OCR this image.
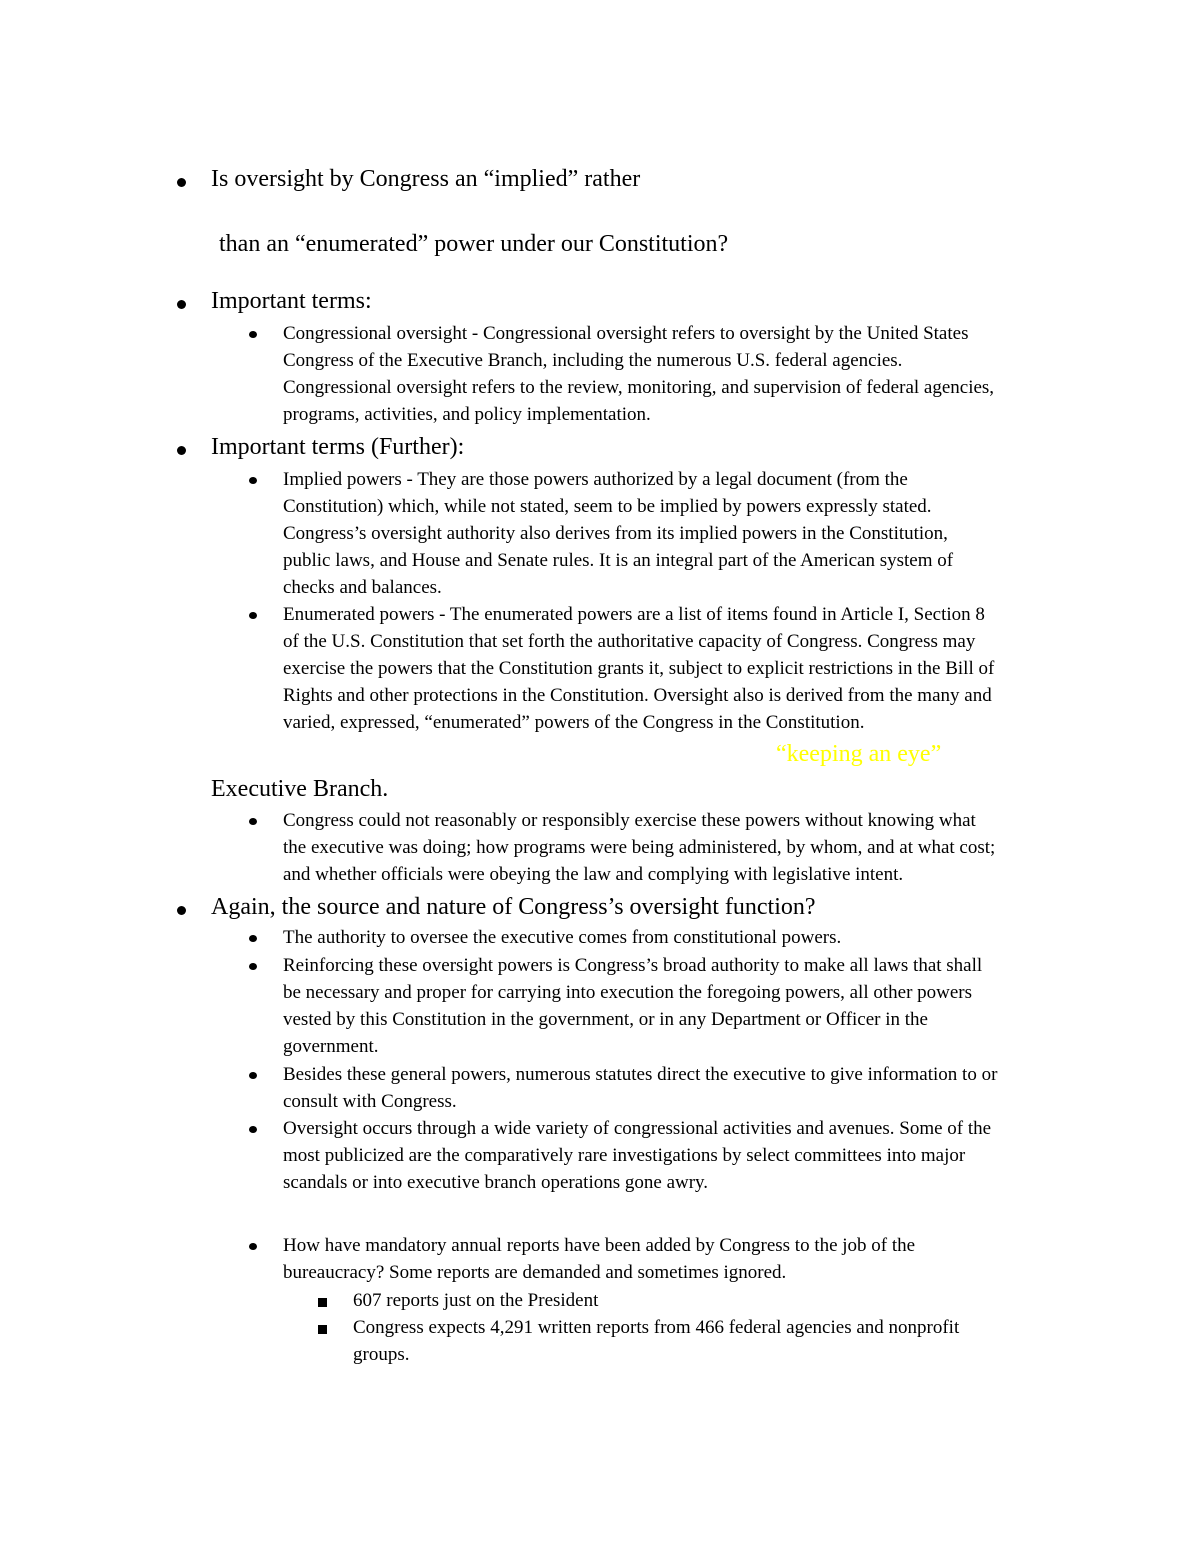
Is oversight by Congress an “implied” rather
than an “enumerated” power under our Constitution?
Important terms:
Congressional oversight - Congressional oversight refers to oversight by the United States
Congress of the Executive Branch, including the numerous U.S. federal agencies.
Congressional oversight refers to the review, monitoring, and supervision of federal agencies,
programs, activities, and policy implementation.
Important terms (Further):
Implied powers - They are those powers authorized by a legal document (from the
Constitution) which, while not stated, seem to be implied by powers expressly stated.
Congress’s oversight authority also derives from its implied powers in the Constitution,
public laws, and House and Senate rules. It is an integral part of the American system of
checks and balances.
Enumerated powers - The enumerated powers are a list of items found in Article I, Section 8
of the U.S. Constitution that set forth the authoritative capacity of Congress. Congress may
exercise the powers that the Constitution grants it, subject to explicit restrictions in the Bill of
Rights and other protections in the Constitution. Oversight also is derived from the many and
varied, expressed, “enumerated” powers of the Congress in the Constitution.
“keeping an eye”
Executive Branch.
Congress could not reasonably or responsibly exercise these powers without knowing what
the executive was doing; how programs were being administered, by whom, and at what cost;
and whether officials were obeying the law and complying with legislative intent.
Again, the source and nature of Congress’s oversight function?
The authority to oversee the executive comes from constitutional powers.
Reinforcing these oversight powers is Congress’s broad authority to make all laws that shall
be necessary and proper for carrying into execution the foregoing powers, all other powers
vested by this Constitution in the government, or in any Department or Officer in the
government.
Besides these general powers, numerous statutes direct the executive to give information to or
consult with Congress.
Oversight occurs through a wide variety of congressional activities and avenues. Some of the
most publicized are the comparatively rare investigations by select committees into major
scandals or into executive branch operations gone awry.
How have mandatory annual reports have been added by Congress to the job of the
bureaucracy? Some reports are demanded and sometimes ignored.
607 reports just on the President
Congress expects 4,291 written reports from 466 federal agencies and nonprofit
groups.
